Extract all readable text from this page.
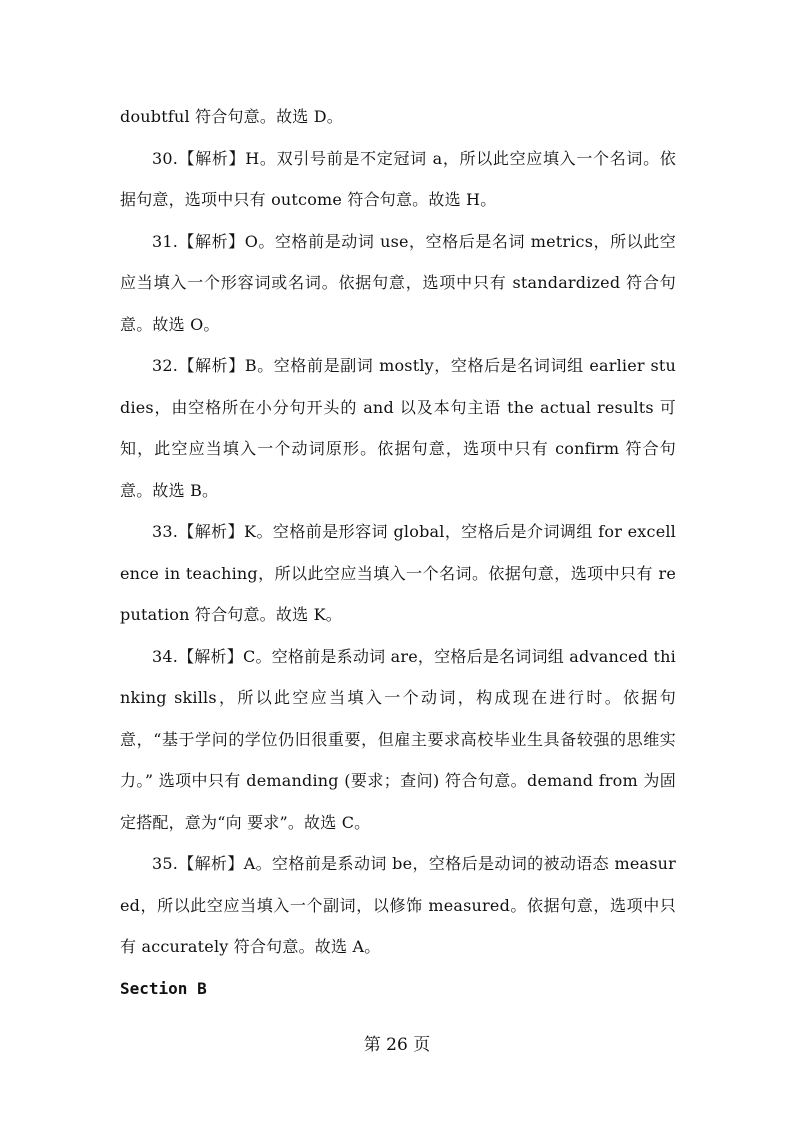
doubtful 符合句意。故选 D。

30.【解析】H。双引号前是不定冠词 a，所以此空应填入一个名词。依据句意，选项中只有 outcome 符合句意。故选 H。

31.【解析】O。空格前是动词 use，空格后是名词 metrics，所以此空应当填入一个形容词或名词。依据句意，选项中只有 standardized 符合句意。故选 O。

32.【解析】B。空格前是副词 mostly，空格后是名词词组 earlier studies，由空格所在小分句开头的 and 以及本句主语 the actual results 可知，此空应当填入一个动词原形。依据句意，选项中只有 confirm 符合句意。故选 B。

33.【解析】K。空格前是形容词 global，空格后是介词调组 for excellence in teaching，所以此空应当填入一个名词。依据句意，选项中只有 reputation 符合句意。故选 K。

34.【解析】C。空格前是系动词 are，空格后是名词词组 advanced thinking skills，所以此空应当填入一个动词，构成现在进行时。依据句意，“基于学问的学位仍旧很重要，但雇主要求高校毕业生具备较强的思维实力。” 选项中只有 demanding (要求；查问) 符合句意。demand from 为固定搭配，意为“向 要求”。故选 C。

35.【解析】A。空格前是系动词 be，空格后是动词的被动语态 measured，所以此空应当填入一个副词，以修饰 measured。依据句意，选项中只有 accurately 符合句意。故选 A。

Section B

第 26 页
